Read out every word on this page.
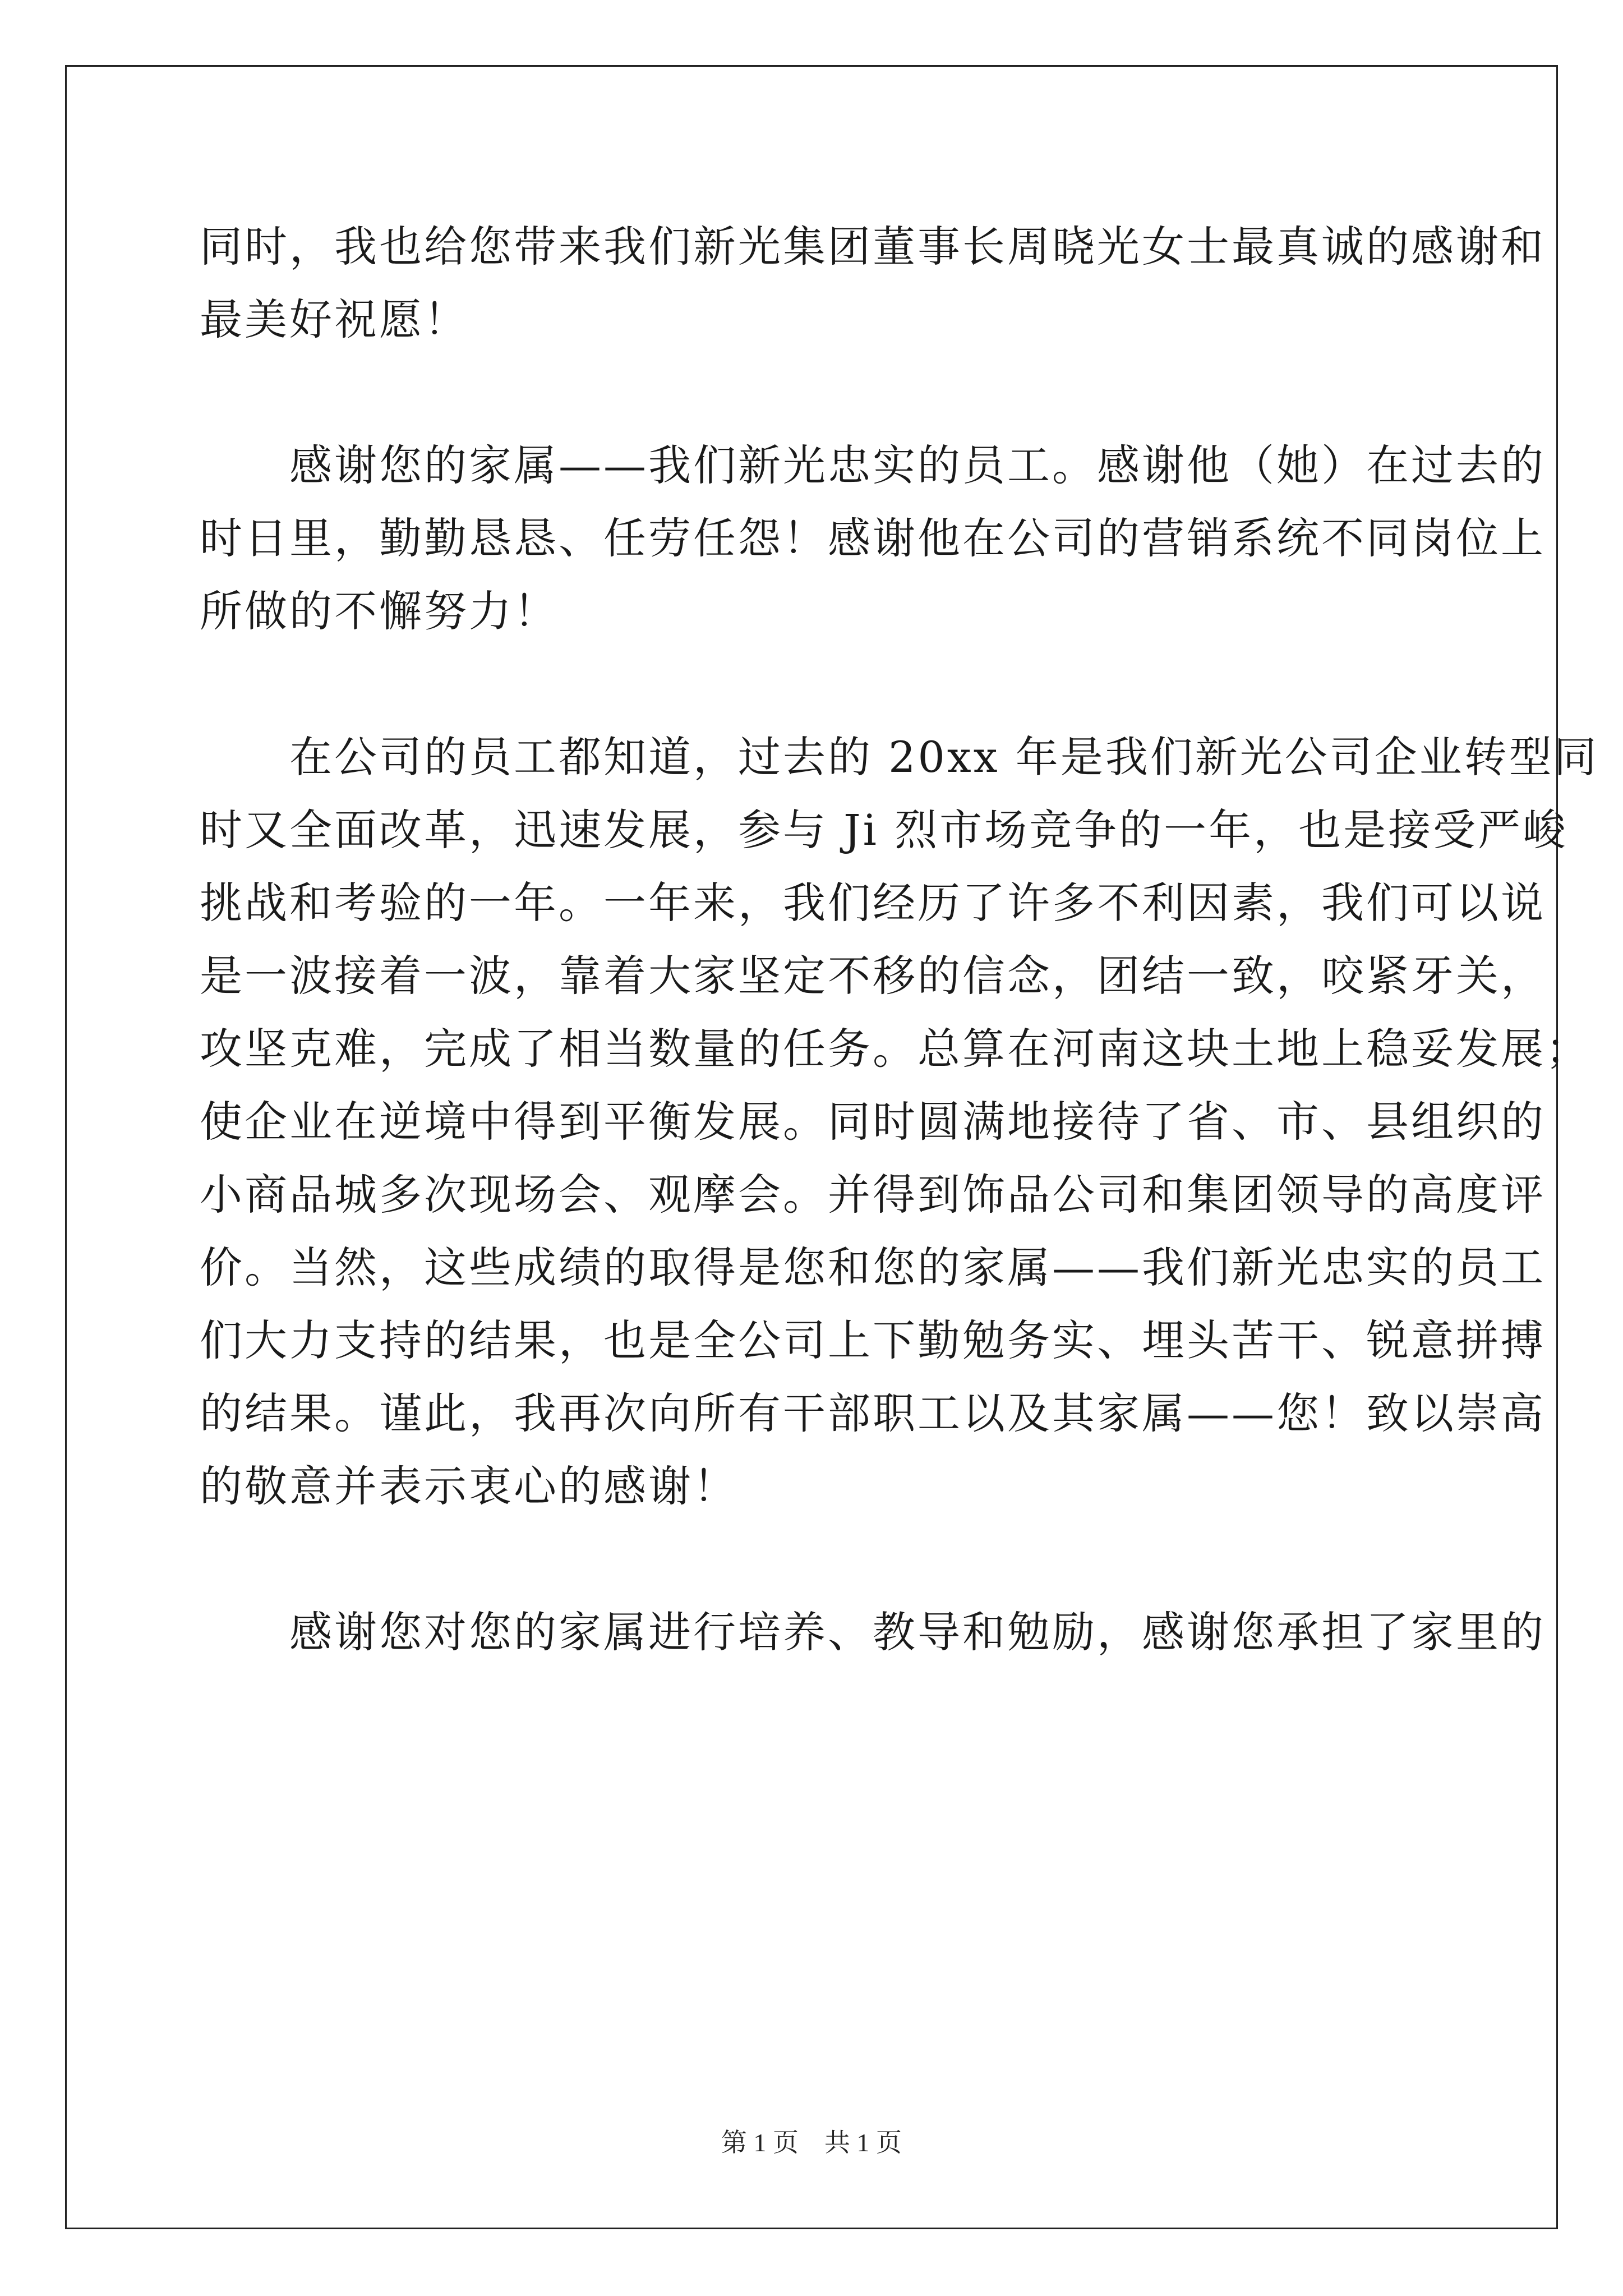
同时，我也给您带来我们新光集团董事长周晓光女士最真诚的感谢和
最美好祝愿！
　　感谢您的家属——我们新光忠实的员工。感谢他（她）在过去的
时日里，勤勤恳恳、任劳任怨！感谢他在公司的营销系统不同岗位上
所做的不懈努力！
　　在公司的员工都知道，过去的 20xx 年是我们新光公司企业转型同
时又全面改革，迅速发展，参与 Ji 烈市场竞争的一年，也是接受严峻
挑战和考验的一年。一年来，我们经历了许多不利因素，我们可以说
是一波接着一波，靠着大家坚定不移的信念，团结一致，咬紧牙关，
攻坚克难，完成了相当数量的任务。总算在河南这块土地上稳妥发展；
使企业在逆境中得到平衡发展。同时圆满地接待了省、市、县组织的
小商品城多次现场会、观摩会。并得到饰品公司和集团领导的高度评
价。当然，这些成绩的取得是您和您的家属——我们新光忠实的员工
们大力支持的结果，也是全公司上下勤勉务实、埋头苦干、锐意拼搏
的结果。谨此，我再次向所有干部职工以及其家属——您！致以崇高
的敬意并表示衷心的感谢！
　　感谢您对您的家属进行培养、教导和勉励，感谢您承担了家里的
第 1 页　共 1 页
